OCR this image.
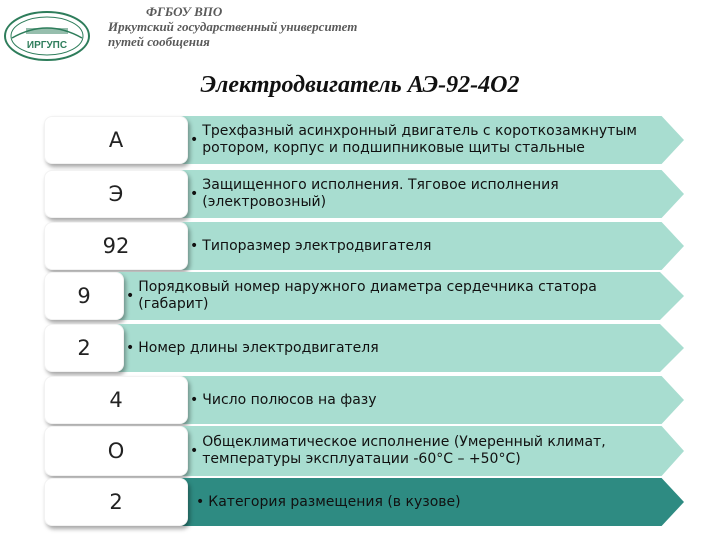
ИРГУПС
ФГБОУ ВПО
Иркутский государственный университет
путей сообщения
Электродвигатель АЭ-92-4О2
А	•
Трехфазный асинхронный двигатель с короткозамкнутым ротором, корпус и подшипниковые щиты стальные
Э	•
Защищенного исполнения. Тяговое исполнения (электровозный)
92	• Типоразмер электродвигателя
9	•
Порядковый номер наружного диаметра сердечника статора (габарит)
2	• Номер длины электродвигателя
4	• Число полюсов на фазу
О	•
Общеклиматическое исполнение (Умеренный климат, температуры эксплуатации -60°С – +50°С)
2	• Категория размещения (в кузове)
